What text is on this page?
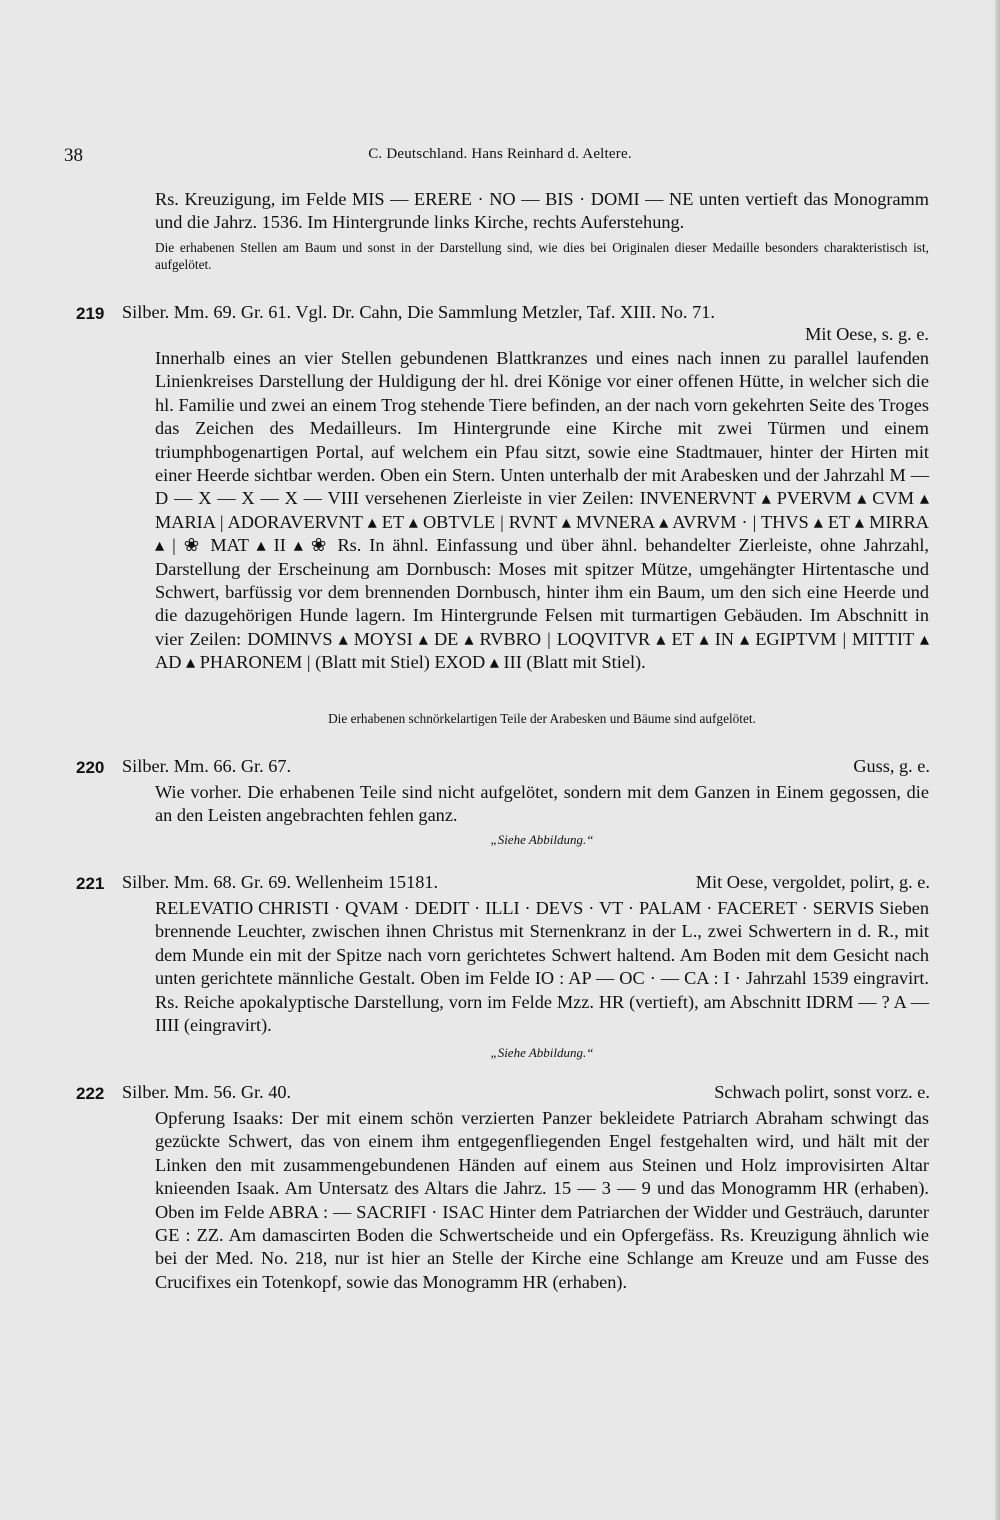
38	C. Deutschland. Hans Reinhard d. Aeltere.
Rs. Kreuzigung, im Felde MIS — ERERE · NO — BIS · DOMI — NE unten vertieft das Monogramm und die Jahrz. 1536. Im Hintergrunde links Kirche, rechts Auferstehung.
Die erhabenen Stellen am Baum und sonst in der Darstellung sind, wie dies bei Originalen dieser Medaille besonders charakteristisch ist, aufgelötet.
219 Silber. Mm. 69. Gr. 61. Vgl. Dr. Cahn, Die Sammlung Metzler, Taf. XIII. No. 71.
Mit Oese, s. g. e.
Innerhalb eines an vier Stellen gebundenen Blattkranzes und eines nach innen zu parallel laufenden Linienkreises Darstellung der Huldigung der hl. drei Könige vor einer offenen Hütte, in welcher sich die hl. Familie und zwei an einem Trog stehende Tiere befinden, an der nach vorn gekehrten Seite des Troges das Zeichen des Medailleurs. Im Hintergrunde eine Kirche mit zwei Türmen und einem triumphbogenartigen Portal, auf welchem ein Pfau sitzt, sowie eine Stadtmauer, hinter der Hirten mit einer Heerde sichtbar werden. Oben ein Stern. Unten unterhalb der mit Arabesken und der Jahrzahl M — D — X — X — X — VIII versehenen Zierleiste in vier Zeilen: INVENERVNT ▴ PVERVM ▴ CVM ▴ MARIA | ADORAVERVNT ▴ ET ▴ OBTVLE | RVNT ▴ MVNERA ▴ AVRVM · | THVS ▴ ET ▴ MIRRA ▴ | ❀ MAT ▴ II ▴ ❀ Rs. In ähnl. Einfassung und über ähnl. behandelter Zierleiste, ohne Jahrzahl, Darstellung der Erscheinung am Dornbusch: Moses mit spitzer Mütze, umgehängter Hirtentasche und Schwert, barfüssig vor dem brennenden Dornbusch, hinter ihm ein Baum, um den sich eine Heerde und die dazugehörigen Hunde lagern. Im Hintergrunde Felsen mit turmartigen Gebäuden. Im Abschnitt in vier Zeilen: DOMINVS ▴ MOYSI ▴ DE ▴ RVBRO | LOQVITVR ▴ ET ▴ IN ▴ EGIPTVM | MITTIT ▴ AD ▴ PHARONEM | (Blatt mit Stiel) EXOD ▴ III (Blatt mit Stiel).
Die erhabenen schnörkelartigen Teile der Arabesken und Bäume sind aufgelötet.
220 Silber. Mm. 66. Gr. 67.	Guss, g. e.
Wie vorher. Die erhabenen Teile sind nicht aufgelötet, sondern mit dem Ganzen in Einem gegossen, die an den Leisten angebrachten fehlen ganz.
„Siehe Abbildung.“
221 Silber. Mm. 68. Gr. 69. Wellenheim 15181.	Mit Oese, vergoldet, polirt, g. e.
RELEVATIO CHRISTI · QVAM · DEDIT · ILLI · DEVS · VT · PALAM · FACERET · SERVIS Sieben brennende Leuchter, zwischen ihnen Christus mit Sternenkranz in der L., zwei Schwertern in d. R., mit dem Munde ein mit der Spitze nach vorn gerichtetes Schwert haltend. Am Boden mit dem Gesicht nach unten gerichtete männliche Gestalt. Oben im Felde IO : AP — OC · — CA : I · Jahrzahl 1539 eingravirt. Rs. Reiche apokalyptische Darstellung, vorn im Felde Mzz. HR (vertieft), am Abschnitt IDRM — ? A — IIII (eingravirt).
„Siehe Abbildung.“
222 Silber. Mm. 56. Gr. 40.	Schwach polirt, sonst vorz. e.
Opferung Isaaks: Der mit einem schön verzierten Panzer bekleidete Patriarch Abraham schwingt das gezückte Schwert, das von einem ihm entgegenfliegenden Engel festgehalten wird, und hält mit der Linken den mit zusammengebundenen Händen auf einem aus Steinen und Holz improvisirten Altar knieenden Isaak. Am Untersatz des Altars die Jahrz. 15 — 3 — 9 und das Monogramm HR (erhaben). Oben im Felde ABRA : — SACRIFI · ISAC Hinter dem Patriarchen der Widder und Gesträuch, darunter GE : ZZ. Am damascirten Boden die Schwertscheide und ein Opfergefäss. Rs. Kreuzigung ähnlich wie bei der Med. No. 218, nur ist hier an Stelle der Kirche eine Schlange am Kreuze und am Fusse des Crucifixes ein Totenkopf, sowie das Monogramm HR (erhaben).
